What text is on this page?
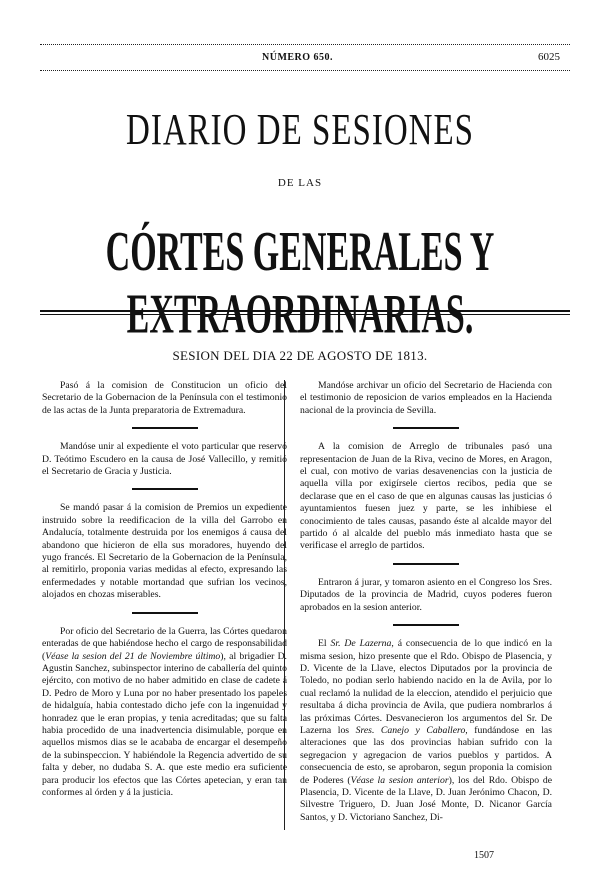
NÚMERO 650.	6025
DIARIO DE SESIONES
DE LAS
CÓRTES GENERALES Y EXTRAORDINARIAS.
SESION DEL DIA 22 DE AGOSTO DE 1813.

Pasó á la comision de Constitucion un oficio del Secretario de la Gobernacion de la Península con el testimonio de las actas de la Junta preparatoria de Extremadura.

Mandóse unir al expediente el voto particular que reservó D. Teótimo Escudero en la causa de José Vallecillo, y remitió el Secretario de Gracia y Justicia.

Se mandó pasar á la comision de Premios un expediente instruido sobre la reedificacion de la villa del Garrobo en Andalucía, totalmente destruida por los enemigos á causa del abandono que hicieron de ella sus moradores, huyendo del yugo francés. El Secretario de la Gobernacion de la Península, al remitirlo, proponia varias medidas al efecto, expresando las enfermedades y notable mortandad que sufrian los vecinos, alojados en chozas miserables.

Por oficio del Secretario de la Guerra, las Córtes quedaron enteradas de que habiéndose hecho el cargo de responsabilidad (Véase la sesion del 21 de Noviembre último), al brigadier D. Agustin Sanchez, subinspector interino de caballería del quinto ejército, con motivo de no haber admitido en clase de cadete á D. Pedro de Moro y Luna por no haber presentado los papeles de hidalguía, habia contestado dicho jefe con la ingenuidad y honradez que le eran propias, y tenia acreditadas; que su falta habia procedido de una inadvertencia disimulable, porque en aquellos mismos dias se le acababa de encargar el desempeño de la subinspeccion. Y habiéndole la Regencia advertido de su falta y deber, no dudaba S. A. que este medio era suficiente para producir los efectos que las Córtes apetecian, y eran tan conformes al órden y á la justicia.

Mandóse archivar un oficio del Secretario de Hacienda con el testimonio de reposicion de varios empleados en la Hacienda nacional de la provincia de Sevilla.

A la comision de Arreglo de tribunales pasó una representacion de Juan de la Riva, vecino de Mores, en Aragon, el cual, con motivo de varias desavenencias con la justicia de aquella villa por exigírsele ciertos recibos, pedia que se declarase que en el caso de que en algunas causas las justicias ó ayuntamientos fuesen juez y parte, se les inhibiese el conocimiento de tales causas, pasando éste al alcalde mayor del partido ó al alcalde del pueblo más inmediato hasta que se verificase el arreglo de partidos.

Entraron á jurar, y tomaron asiento en el Congreso los Sres. Diputados de la provincia de Madrid, cuyos poderes fueron aprobados en la sesion anterior.

El Sr. De Lazerna, á consecuencia de lo que indicó en la misma sesion, hizo presente que el Rdo. Obispo de Plasencia, y D. Vicente de la Llave, electos Diputados por la provincia de Toledo, no podian serlo habiendo nacido en la de Avila, por lo cual reclamó la nulidad de la eleccion, atendido el perjuicio que resultaba á dicha provincia de Avila, que pudiera nombrarlos á las próximas Córtes. Desvanecieron los argumentos del Sr. De Lazerna los Sres. Canejo y Caballero, fundándose en las alteraciones que las dos provincias habian sufrido con la segregacion y agregacion de varios pueblos y partidos. A consecuencia de esto, se aprobaron, segun proponia la comision de Poderes (Véase la sesion anterior), los del Rdo. Obispo de Plasencia, D. Vicente de la Llave, D. Juan Jerónimo Chacon, D. Silvestre Triguero, D. Juan José Monte, D. Nicanor García Santos, y D. Victoriano Sanchez, Di-

1507
